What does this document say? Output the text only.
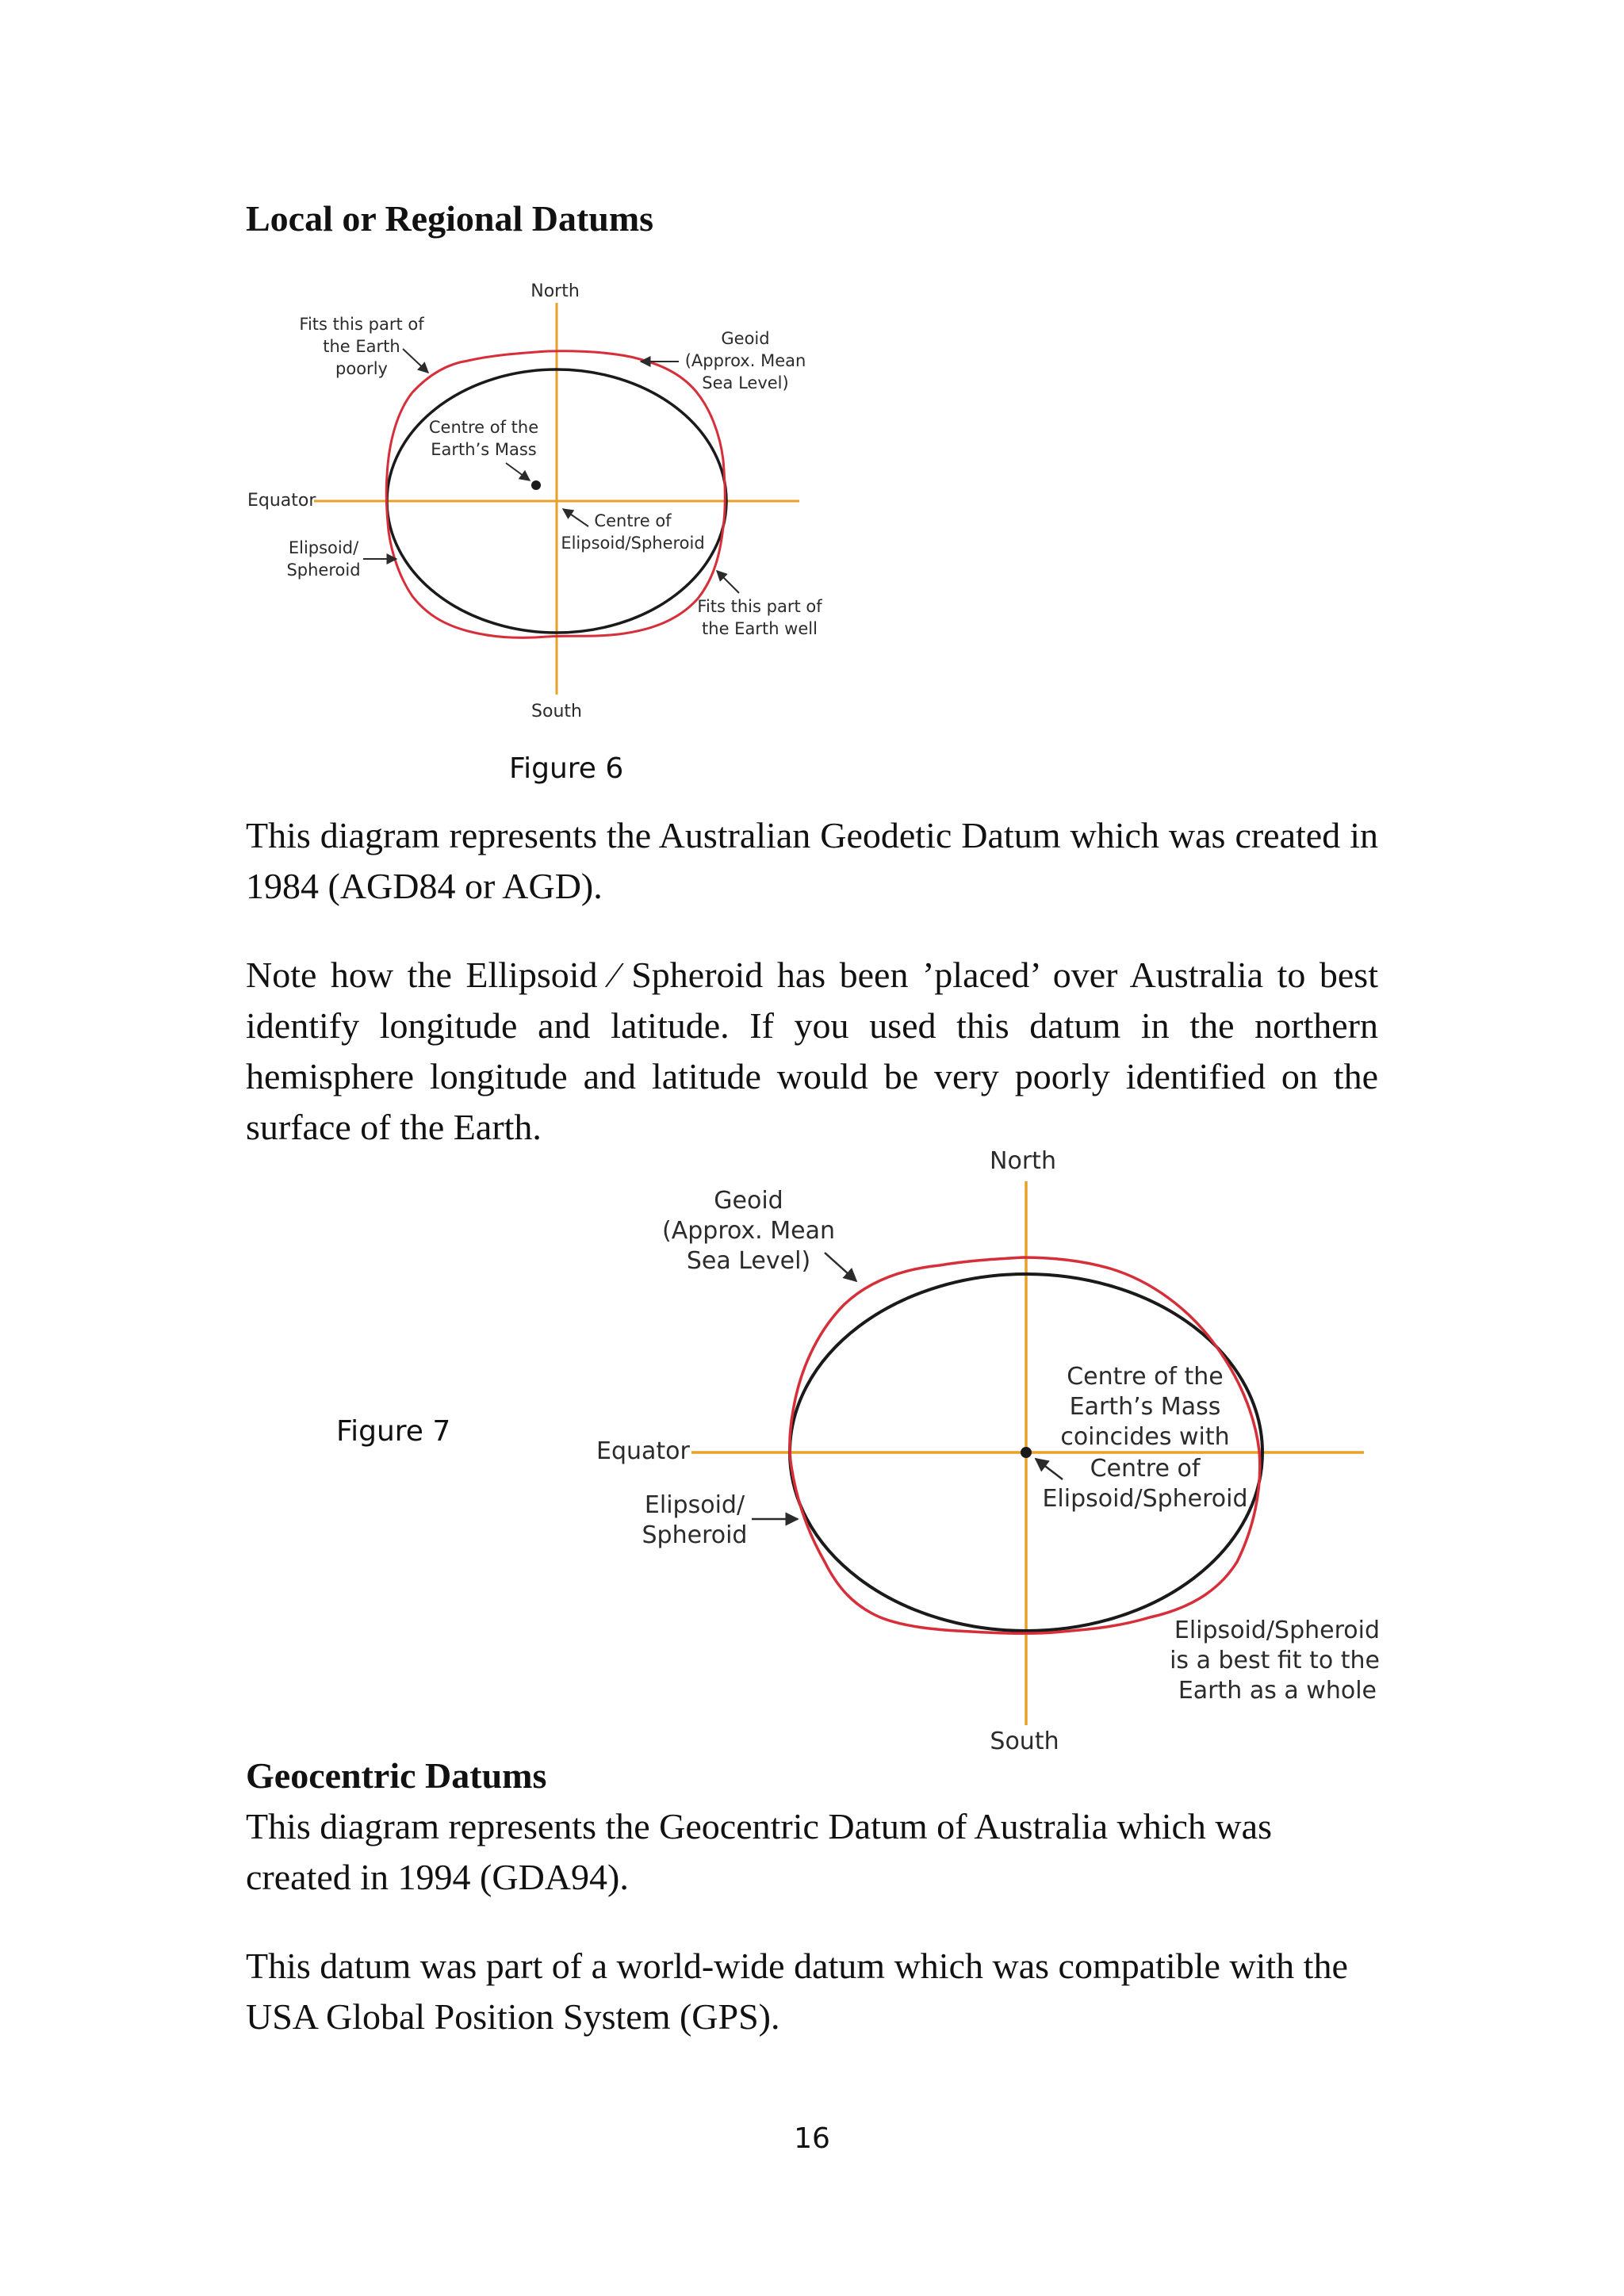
Local or Regional Datums
North
South
Equator
Fits this part of
the Earth
poorly
Geoid
(Approx. Mean
Sea Level)
Centre of the
Earth’s Mass
Centre of
Elipsoid/Spheroid
Elipsoid/
Spheroid
Fits this part of
the Earth well
Figure 6

This diagram represents the Australian Geodetic Datum which was created in 1984 (AGD84 or AGD).

Note how the Ellipsoid ⁄ Spheroid has been ’placed’ over Australia to best identify longitude and latitude. If you used this datum in the northern hemisphere longitude and latitude would be very poorly identified on the surface of the Earth.

North
South
Equator
Geoid
(Approx. Mean
Sea Level)
Centre of the
Earth’s Mass
coincides with
Centre of
Elipsoid/Spheroid
Elipsoid/
Spheroid
Elipsoid/Spheroid
is a best fit to the
Earth as a whole
Figure 7
Geocentric Datums

This diagram represents the Geocentric Datum of Australia which was created in 1994 (GDA94).

This datum was part of a world-wide datum which was compatible with the USA Global Position System (GPS).

16
